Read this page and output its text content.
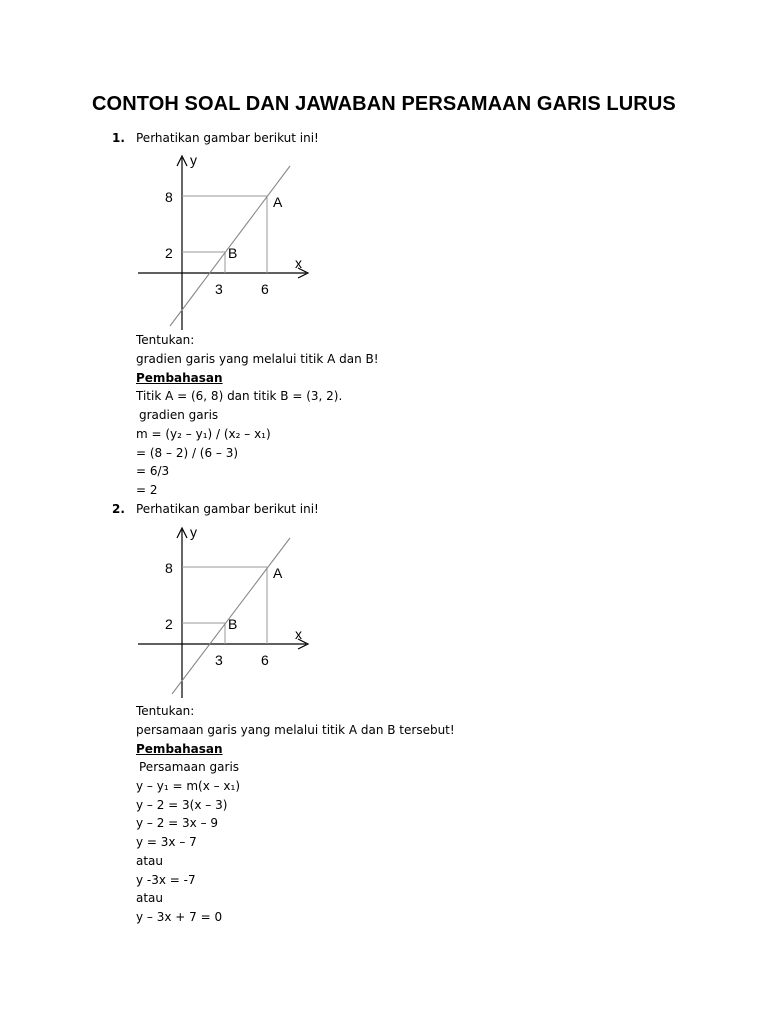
CONTOH SOAL DAN JAWABAN PERSAMAAN GARIS LURUS
1. Perhatikan gambar berikut ini!
y
x
8
2
3	6
A
B
Tentukan:
gradien garis yang melalui titik A dan B!
Pembahasan
Titik A = (6, 8) dan titik B = (3, 2).
gradien garis
m = (y₂ – y₁) / (x₂ – x₁)
= (8 – 2) / (6 – 3)
= 6/3
= 2
2. Perhatikan gambar berikut ini!
y
x
8
2
3	6
A
B
Tentukan:
persamaan garis yang melalui titik A dan B tersebut!
Pembahasan
Persamaan garis
y – y₁ = m(x – x₁)
y – 2 = 3(x – 3)
y – 2 = 3x – 9
y = 3x – 7
atau
y -3x = -7
atau
y – 3x + 7 = 0
